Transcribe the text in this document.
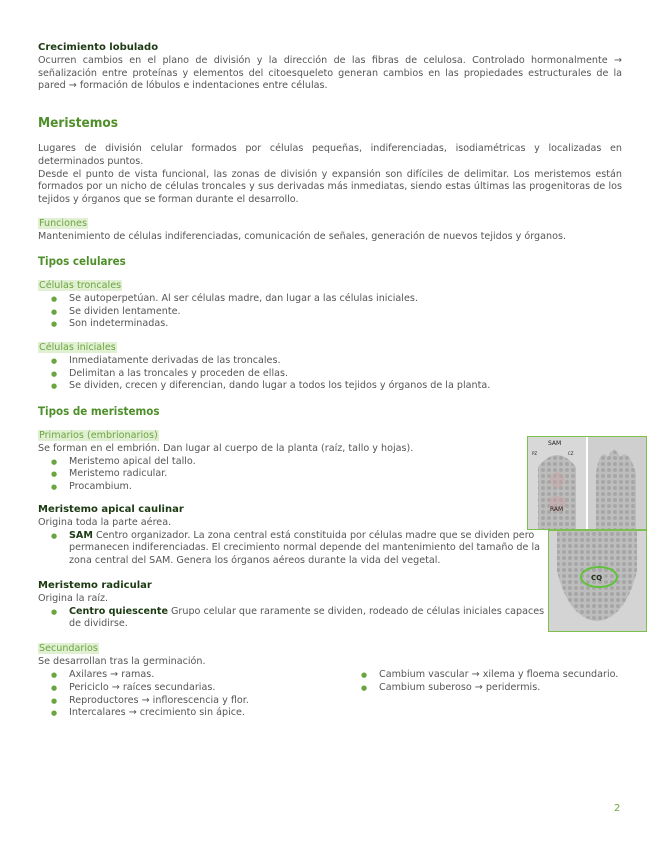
Crecimiento lobulado

Ocurren cambios en el plano de división y la dirección de las fibras de celulosa. Controlado hormonalmente → señalización entre proteínas y elementos del citoesqueleto generan cambios en las propiedades estructurales de la pared → formación de lóbulos e indentaciones entre células.

Meristemos

Lugares de división celular formados por células pequeñas, indiferenciadas, isodiamétricas y localizadas en determinados puntos.

Desde el punto de vista funcional, las zonas de división y expansión son difíciles de delimitar. Los meristemos están formados por un nicho de células troncales y sus derivadas más inmediatas, siendo estas últimas las progenitoras de los tejidos y órganos que se forman durante el desarrollo.

Funciones

Mantenimiento de células indiferenciadas, comunicación de señales, generación de nuevos tejidos y órganos.

Tipos celulares

Células troncales

● Se autoperpetúan. Al ser células madre, dan lugar a las células iniciales.
● Se dividen lentamente.
● Son indeterminadas.

Células iniciales

● Inmediatamente derivadas de las troncales.
● Delimitan a las troncales y proceden de ellas.
● Se dividen, crecen y diferencian, dando lugar a todos los tejidos y órganos de la planta.
Tipos de meristemos

Primarios (embrionarios)

Se forman en el embrión. Dan lugar al cuerpo de la planta (raíz, tallo y hojas).

● Meristemo apical del tallo.
● Meristemo radicular.
● Procambium.

Meristemo apical caulinar

Origina toda la parte aérea.

● SAM Centro organizador. La zona central está constituida por células madre que se dividen pero permanecen indiferenciadas. El crecimiento normal depende del mantenimiento del tamaño de la zona central del SAM. Genera los órganos aéreos durante la vida del vegetal.

Meristemo radicular

Origina la raíz.

● Centro quiescente Grupo celular que raramente se dividen, rodeado de células iniciales capaces de dividirse.

Secundarios

Se desarrollan tras la germinación.

● Axilares → ramas.
● Periciclo → raíces secundarias.
● Reproductores → inflorescencia y flor.
● Intercalares → crecimiento sin ápice.
● Cambium vascular → xilema y floema secundario.
● Cambium suberoso → peridermis.
SAM
PZ	CZ
RAM
CQ
2
